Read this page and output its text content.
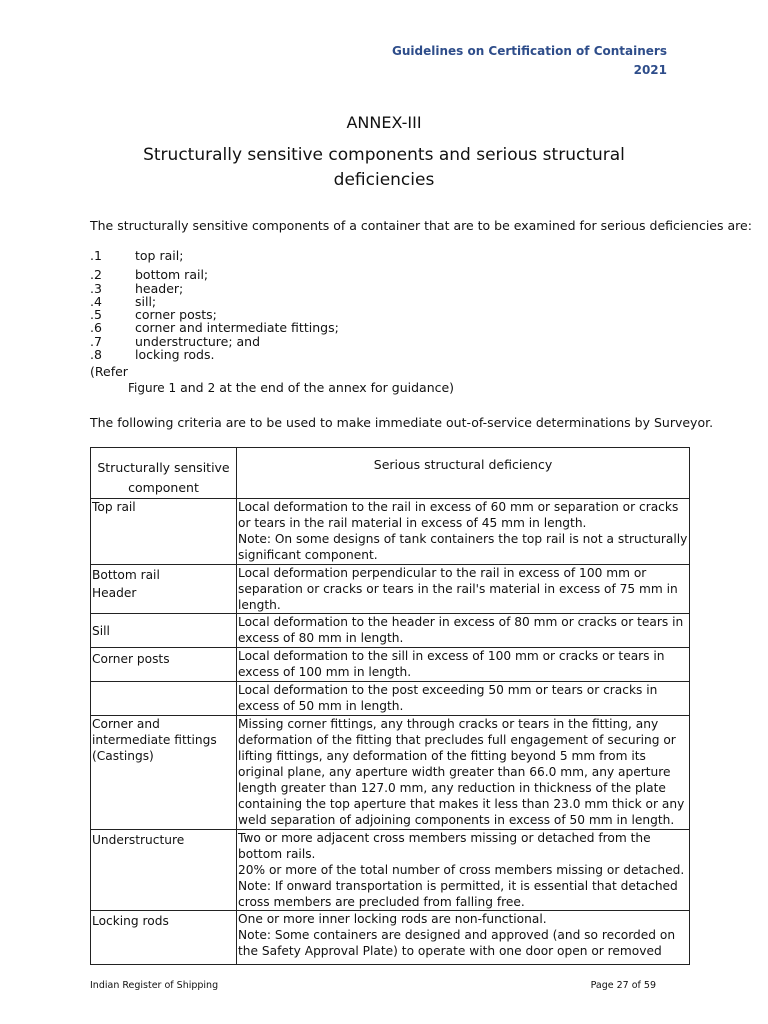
Guidelines on Certification of Containers
2021
ANNEX-III
Structurally sensitive components and serious structural deficiencies
The structurally sensitive components of a container that are to be examined for serious deficiencies are:
.1	top rail;
.2	bottom rail;
.3	header;
.4	sill;
.5	corner posts;
.6	corner and intermediate fittings;
.7	understructure; and
.8	locking rods.
(Refer
Figure 1 and 2 at the end of the annex for guidance)
The following criteria are to be used to make immediate out-of-service determinations by Surveyor.
Structurally sensitive component	Serious structural deficiency
Top rail	Local deformation to the rail in excess of 60 mm or separation or cracks or tears in the rail material in excess of 45 mm in length.
Note: On some designs of tank containers the top rail is not a structurally significant component.

Bottom rail
Header	Local deformation perpendicular to the rail in excess of 100 mm or separation or cracks or tears in the rail's material in excess of 75 mm in length.

Sill	Local deformation to the header in excess of 80 mm or cracks or tears in excess of 80 mm in length.

Corner posts	Local deformation to the sill in excess of 100 mm or cracks or tears in excess of 100 mm in length.

	Local deformation to the post exceeding 50 mm or tears or cracks in excess of 50 mm in length.

Corner and intermediate fittings (Castings)	Missing corner fittings, any through cracks or tears in the fitting, any deformation of the fitting that precludes full engagement of securing or lifting fittings, any deformation of the fitting beyond 5 mm from its original plane, any aperture width greater than 66.0 mm, any aperture length greater than 127.0 mm, any reduction in thickness of the plate containing the top aperture that makes it less than 23.0 mm thick or any weld separation of adjoining components in excess of 50 mm in length.

Understructure	Two or more adjacent cross members missing or detached from the bottom rails.
20% or more of the total number of cross members missing or detached.
Note: If onward transportation is permitted, it is essential that detached cross members are precluded from falling free.

Locking rods	One or more inner locking rods are non-functional.
Note: Some containers are designed and approved (and so recorded on the Safety Approval Plate) to operate with one door open or removed
Indian Register of Shipping	Page 27 of 59
